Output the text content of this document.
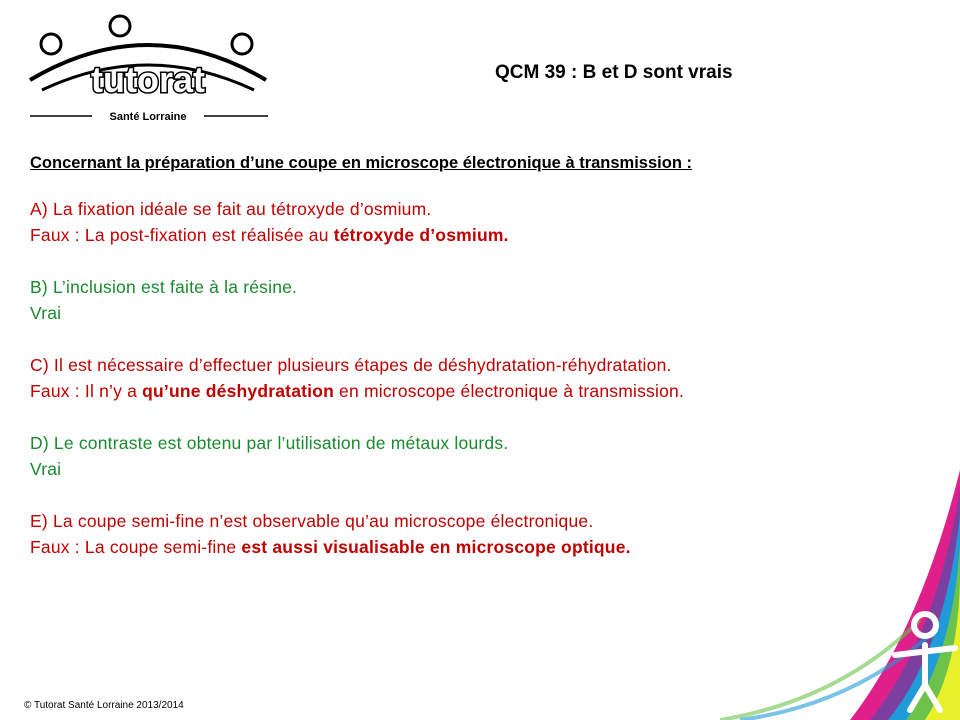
tutorat
Santé Lorraine
QCM 39 : B et D sont vrais
Concernant la préparation d’une coupe en microscope électronique à transmission :
A) La fixation idéale se fait au tétroxyde d’osmium.
Faux : La post-fixation est réalisée au tétroxyde d’osmium.
B) L’inclusion est faite à la résine.
Vrai
C) Il est nécessaire d’effectuer plusieurs étapes de déshydratation-réhydratation.
Faux : Il n’y a qu’une déshydratation en microscope électronique à transmission.
D) Le contraste est obtenu par l’utilisation de métaux lourds.
Vrai
E) La coupe semi-fine n’est observable qu’au microscope électronique.
Faux : La coupe semi-fine est aussi visualisable en microscope optique.
© Tutorat Santé Lorraine 2013/2014
